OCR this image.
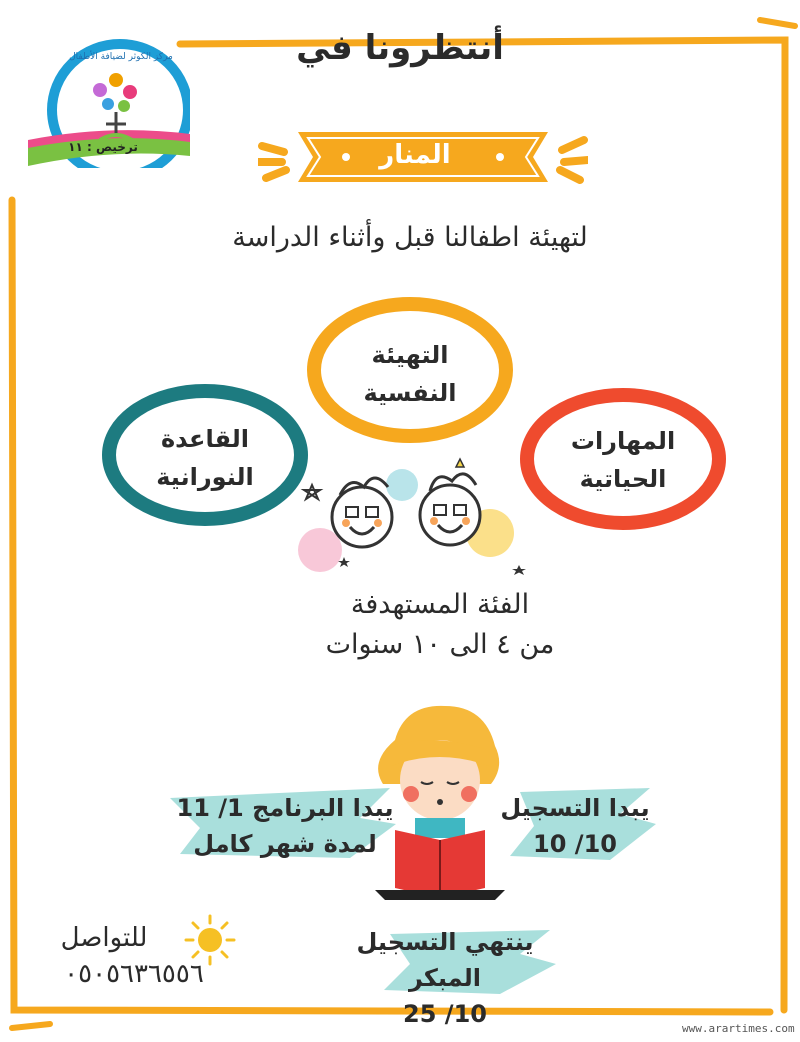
ترخيص : ١١
مركز الكوثر لضيافة الأطفال	أنتظرونا في
المنار
لتهيئة اطفالنا قبل وأثناء الدراسة
التهيئة
النفسية
القاعدة
النورانية
المهارات
الحياتية
الفئة المستهدفة
من ٤ الى ١٠ سنوات
يبدا البرنامج 1/ 11
لمدة شهر كامل
يبدا التسجيل
10/ 10
ينتهي التسجيل المبكر
10/ 25
للتواصل
٠٥٠٥٦٣٦٥٥٦
www.arartimes.com
